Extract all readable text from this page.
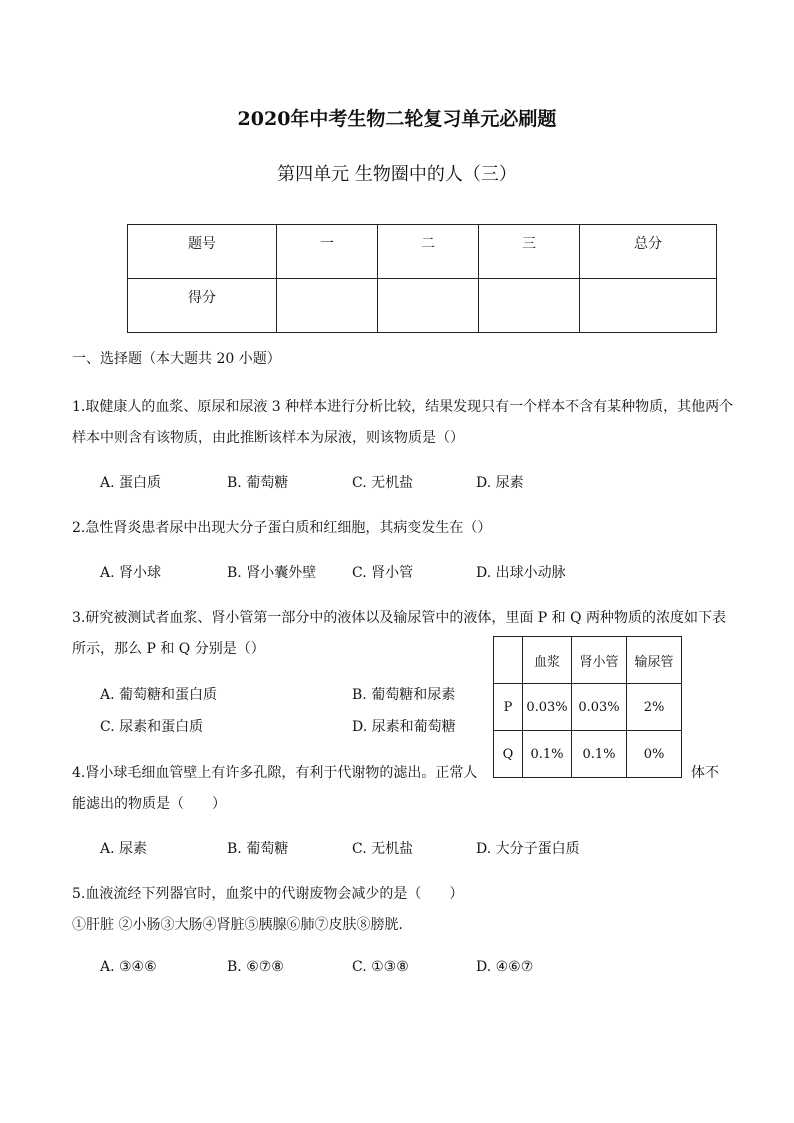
2020年中考生物二轮复习单元必刷题
第四单元 生物圈中的人（三）
题号	一	二	三	总分
得分				
一、选择题（本大题共 20 小题）
1.取健康人的血浆、原尿和尿液 3 种样本进行分析比较，结果发现只有一个样本不含有某种物质，其他两个
样本中则含有该物质，由此推断该样本为尿液，则该物质是（）
A. 蛋白质	B. 葡萄糖	C. 无机盐	D. 尿素
2.急性肾炎患者尿中出现大分子蛋白质和红细胞，其病变发生在（）
A. 肾小球	B. 肾小囊外壁	C. 肾小管	D. 出球小动脉
3.研究被测试者血浆、肾小管第一部分中的液体以及输尿管中的液体，里面 P 和 Q 两种物质的浓度如下表
所示，那么 P 和 Q 分别是（）
A. 葡萄糖和蛋白质	B. 葡萄糖和尿素
C. 尿素和蛋白质	D. 尿素和葡萄糖
	血浆	肾小管	输尿管
P	0.03%	0.03%	2%
Q	0.1%	0.1%	0%
4.肾小球毛细血管壁上有许多孔隙，有利于代谢物的滤出。正常人	体不
能滤出的物质是（　　）
A. 尿素	B. 葡萄糖	C. 无机盐	D. 大分子蛋白质
5.血液流经下列器官时，血浆中的代谢废物会减少的是（　　）
①肝脏 ②小肠③大肠④肾脏⑤胰腺⑥肺⑦皮肤⑧膀胱．
A. ③④⑥	B. ⑥⑦⑧	C. ①③⑧	D. ④⑥⑦
